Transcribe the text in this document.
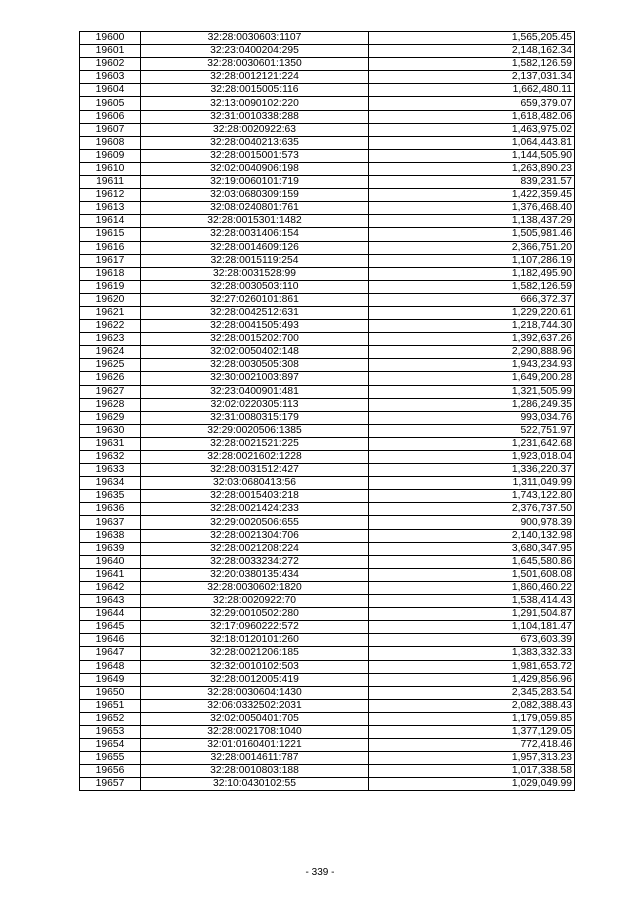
19600	32:28:0030603:1107	1,565,205.45
19601	32:23:0400204:295	2,148,162.34
19602	32:28:0030601:1350	1,582,126.59
19603	32:28:0012121:224	2,137,031.34
19604	32:28:0015005:116	1,662,480.11
19605	32:13:0090102:220	659,379.07
19606	32:31:0010338:288	1,618,482.06
19607	32:28:0020922:63	1,463,975.02
19608	32:28:0040213:635	1,064,443.81
19609	32:28:0015001:573	1,144,505.90
19610	32:02:0040906:198	1,263,890.23
19611	32:19:0060101:719	839,231.57
19612	32:03:0680309:159	1,422,359.45
19613	32:08:0240801:761	1,376,468.40
19614	32:28:0015301:1482	1,138,437.29
19615	32:28:0031406:154	1,505,981.46
19616	32:28:0014609:126	2,366,751.20
19617	32:28:0015119:254	1,107,286.19
19618	32:28:0031528:99	1,182,495.90
19619	32:28:0030503:110	1,582,126.59
19620	32:27:0260101:861	666,372.37
19621	32:28:0042512:631	1,229,220.61
19622	32:28:0041505:493	1,218,744.30
19623	32:28:0015202:700	1,392,637.26
19624	32:02:0050402:148	2,290,888.96
19625	32:28:0030505:308	1,943,234.93
19626	32:30:0021003:897	1,649,200.28
19627	32:23:0400901:481	1,321,505.99
19628	32:02:0220305:113	1,286,249.35
19629	32:31:0080315:179	993,034.76
19630	32:29:0020506:1385	522,751.97
19631	32:28:0021521:225	1,231,642.68
19632	32:28:0021602:1228	1,923,018.04
19633	32:28:0031512:427	1,336,220.37
19634	32:03:0680413:56	1,311,049.99
19635	32:28:0015403:218	1,743,122.80
19636	32:28:0021424:233	2,376,737.50
19637	32:29:0020506:655	900,978.39
19638	32:28:0021304:706	2,140,132.98
19639	32:28:0021208:224	3,680,347.95
19640	32:28:0033234:272	1,645,580.86
19641	32:20:0380135:434	1,501,608.08
19642	32:28:0030602:1820	1,860,460.22
19643	32:28:0020922:70	1,538,414.43
19644	32:29:0010502:280	1,291,504.87
19645	32:17:0960222:572	1,104,181.47
19646	32:18:0120101:260	673,603.39
19647	32:28:0021206:185	1,383,332.33
19648	32:32:0010102:503	1,981,653.72
19649	32:28:0012005:419	1,429,856.96
19650	32:28:0030604:1430	2,345,283.54
19651	32:06:0332502:2031	2,082,388.43
19652	32:02:0050401:705	1,179,059.85
19653	32:28:0021708:1040	1,377,129.05
19654	32:01:0160401:1221	772,418.46
19655	32:28:0014611:787	1,957,313.23
19656	32:28:0010803:188	1,017,338.58
19657	32:10:0430102:55	1,029,049.99
- 339 -
